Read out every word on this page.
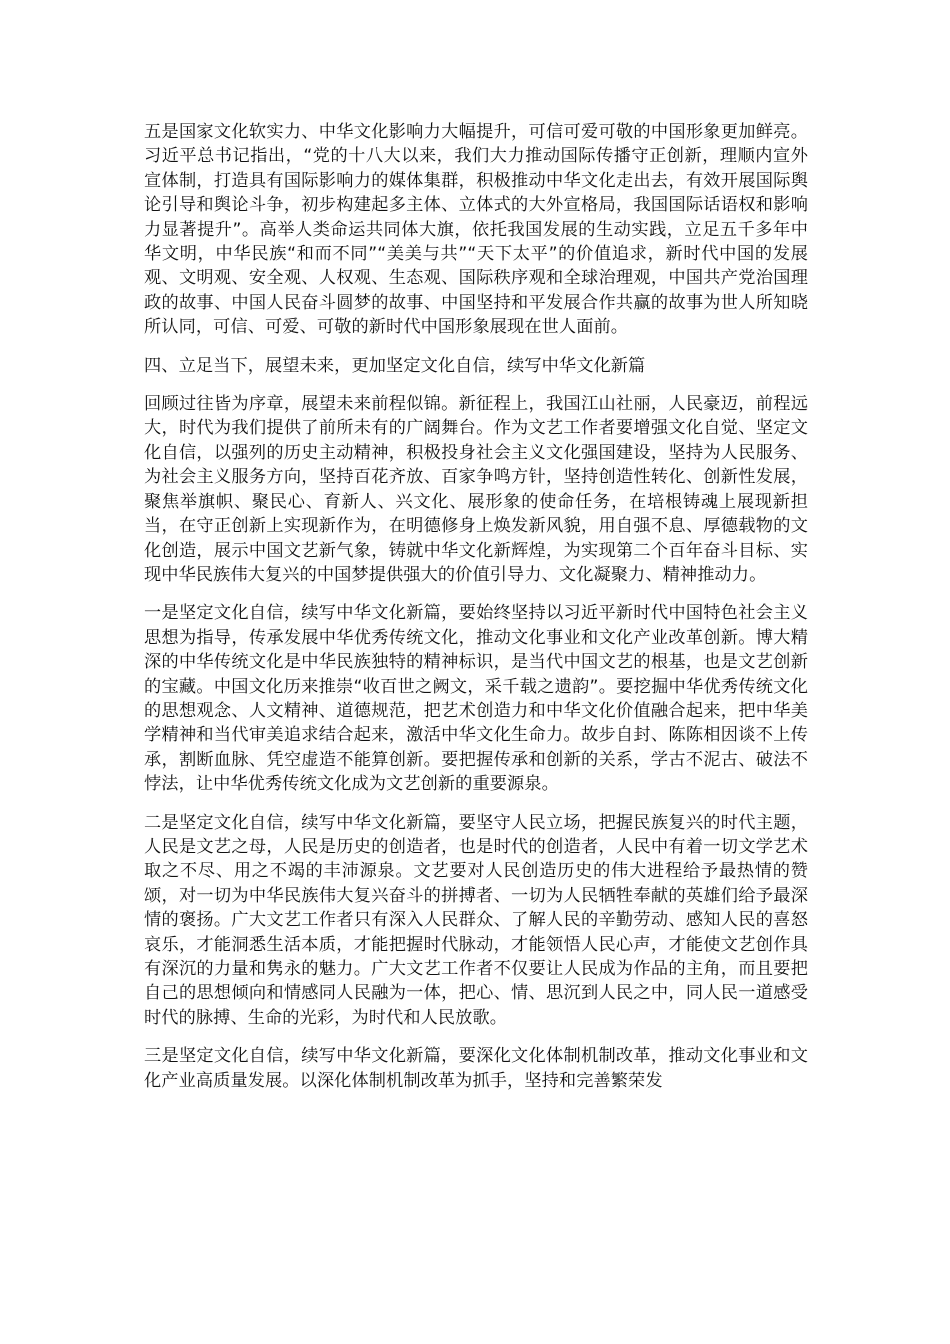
五是国家文化软实力、中华文化影响力大幅提升，可信可爱可敬的中国形象更加鲜亮。习近平总书记指出，“党的十八大以来，我们大力推动国际传播守正创新，理顺内宣外宣体制，打造具有国际影响力的媒体集群，积极推动中华文化走出去，有效开展国际舆论引导和舆论斗争，初步构建起多主体、立体式的大外宣格局，我国国际话语权和影响力显著提升”。高举人类命运共同体大旗，依托我国发展的生动实践，立足五千多年中华文明，中华民族“和而不同”“美美与共”“天下太平”的价值追求，新时代中国的发展观、文明观、安全观、人权观、生态观、国际秩序观和全球治理观，中国共产党治国理政的故事、中国人民奋斗圆梦的故事、中国坚持和平发展合作共赢的故事为世人所知晓所认同，可信、可爱、可敬的新时代中国形象展现在世人面前。

四、立足当下，展望未来，更加坚定文化自信，续写中华文化新篇

回顾过往皆为序章，展望未来前程似锦。新征程上，我国江山社丽，人民豪迈，前程远大，时代为我们提供了前所未有的广阔舞台。作为文艺工作者要增强文化自觉、坚定文化自信，以强列的历史主动精神，积极投身社会主义文化强国建设，坚持为人民服务、为社会主义服务方向，坚持百花齐放、百家争鸣方针，坚持创造性转化、创新性发展，聚焦举旗帜、聚民心、育新人、兴文化、展形象的使命任务，在培根铸魂上展现新担当，在守正创新上实现新作为，在明德修身上焕发新风貌，用自强不息、厚德载物的文化创造，展示中国文艺新气象，铸就中华文化新辉煌，为实现第二个百年奋斗目标、实现中华民族伟大复兴的中国梦提供强大的价值引导力、文化凝聚力、精神推动力。

一是坚定文化自信，续写中华文化新篇，要始终坚持以习近平新时代中国特色社会主义思想为指导，传承发展中华优秀传统文化，推动文化事业和文化产业改革创新。博大精深的中华传统文化是中华民族独特的精神标识，是当代中国文艺的根基，也是文艺创新的宝藏。中国文化历来推崇“收百世之阙文，采千载之遗韵”。要挖掘中华优秀传统文化的思想观念、人文精神、道德规范，把艺术创造力和中华文化价值融合起来，把中华美学精神和当代审美追求结合起来，激活中华文化生命力。故步自封、陈陈相因谈不上传承，割断血脉、凭空虚造不能算创新。要把握传承和创新的关系，学古不泥古、破法不悖法，让中华优秀传统文化成为文艺创新的重要源泉。

二是坚定文化自信，续写中华文化新篇，要坚守人民立场，把握民族复兴的时代主题，人民是文艺之母，人民是历史的创造者，也是时代的创造者，人民中有着一切文学艺术取之不尽、用之不竭的丰沛源泉。文艺要对人民创造历史的伟大进程给予最热情的赞颂，对一切为中华民族伟大复兴奋斗的拼搏者、一切为人民牺牲奉献的英雄们给予最深情的褒扬。广大文艺工作者只有深入人民群众、了解人民的辛勤劳动、感知人民的喜怒哀乐，才能洞悉生活本质，才能把握时代脉动，才能领悟人民心声，才能使文艺创作具有深沉的力量和隽永的魅力。广大文艺工作者不仅要让人民成为作品的主角，而且要把自己的思想倾向和情感同人民融为一体，把心、情、思沉到人民之中，同人民一道感受时代的脉搏、生命的光彩，为时代和人民放歌。

三是坚定文化自信，续写中华文化新篇，要深化文化体制机制改革，推动文化事业和文化产业高质量发展。以深化体制机制改革为抓手，坚持和完善繁荣发
